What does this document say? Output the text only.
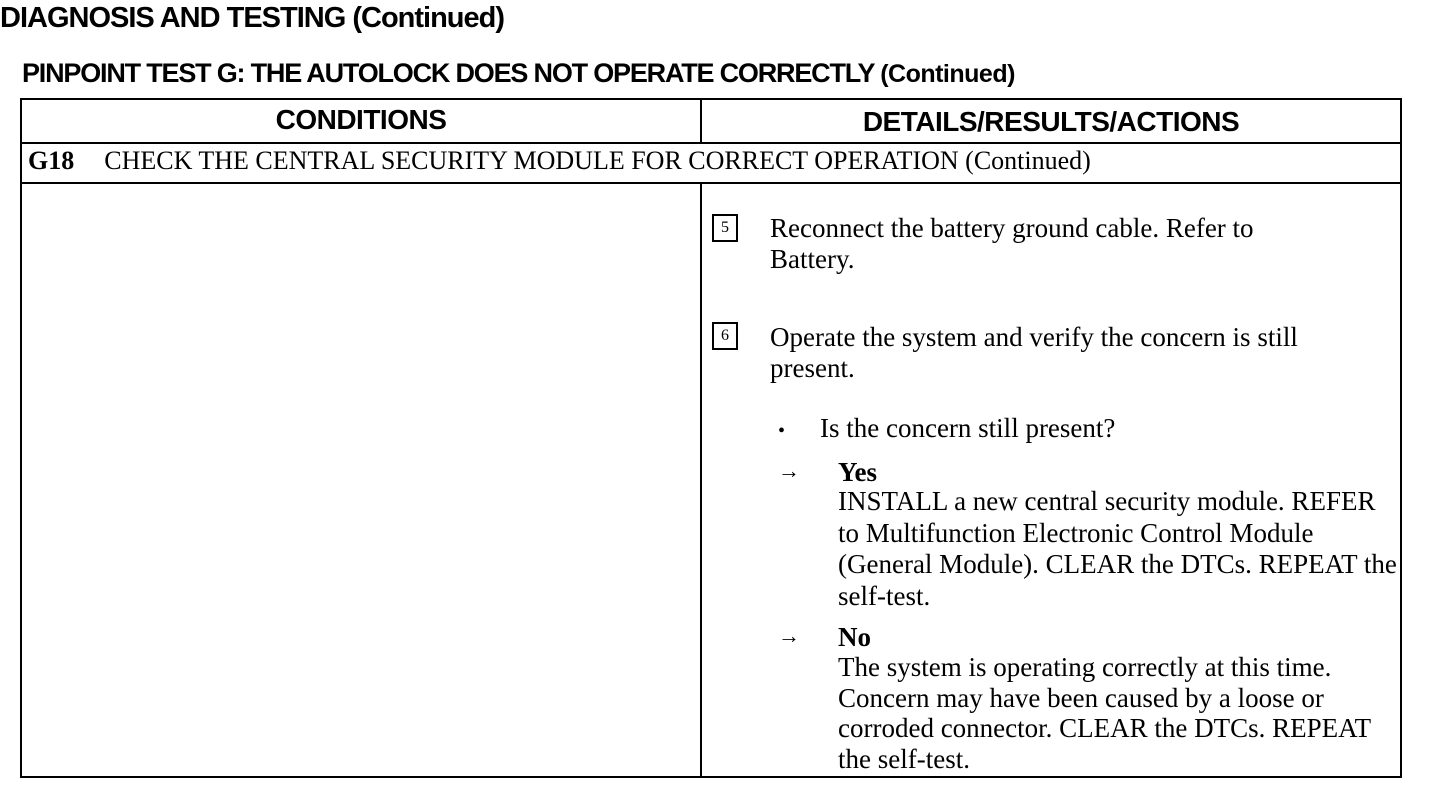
DIAGNOSIS AND TESTING (Continued)
PINPOINT TEST G: THE AUTOLOCK DOES NOT OPERATE CORRECTLY (Continued)
CONDITIONS	DETAILS/RESULTS/ACTIONS
G18 CHECK THE CENTRAL SECURITY MODULE FOR CORRECT OPERATION (Continued)
5	Reconnect the battery ground cable. Refer to Battery.
6	Operate the system and verify the concern is still present.
• Is the concern still present?
→ Yes
INSTALL a new central security module. REFER to Multifunction Electronic Control Module (General Module). CLEAR the DTCs. REPEAT the self-test.
→ No
The system is operating correctly at this time. Concern may have been caused by a loose or corroded connector. CLEAR the DTCs. REPEAT the self-test.
